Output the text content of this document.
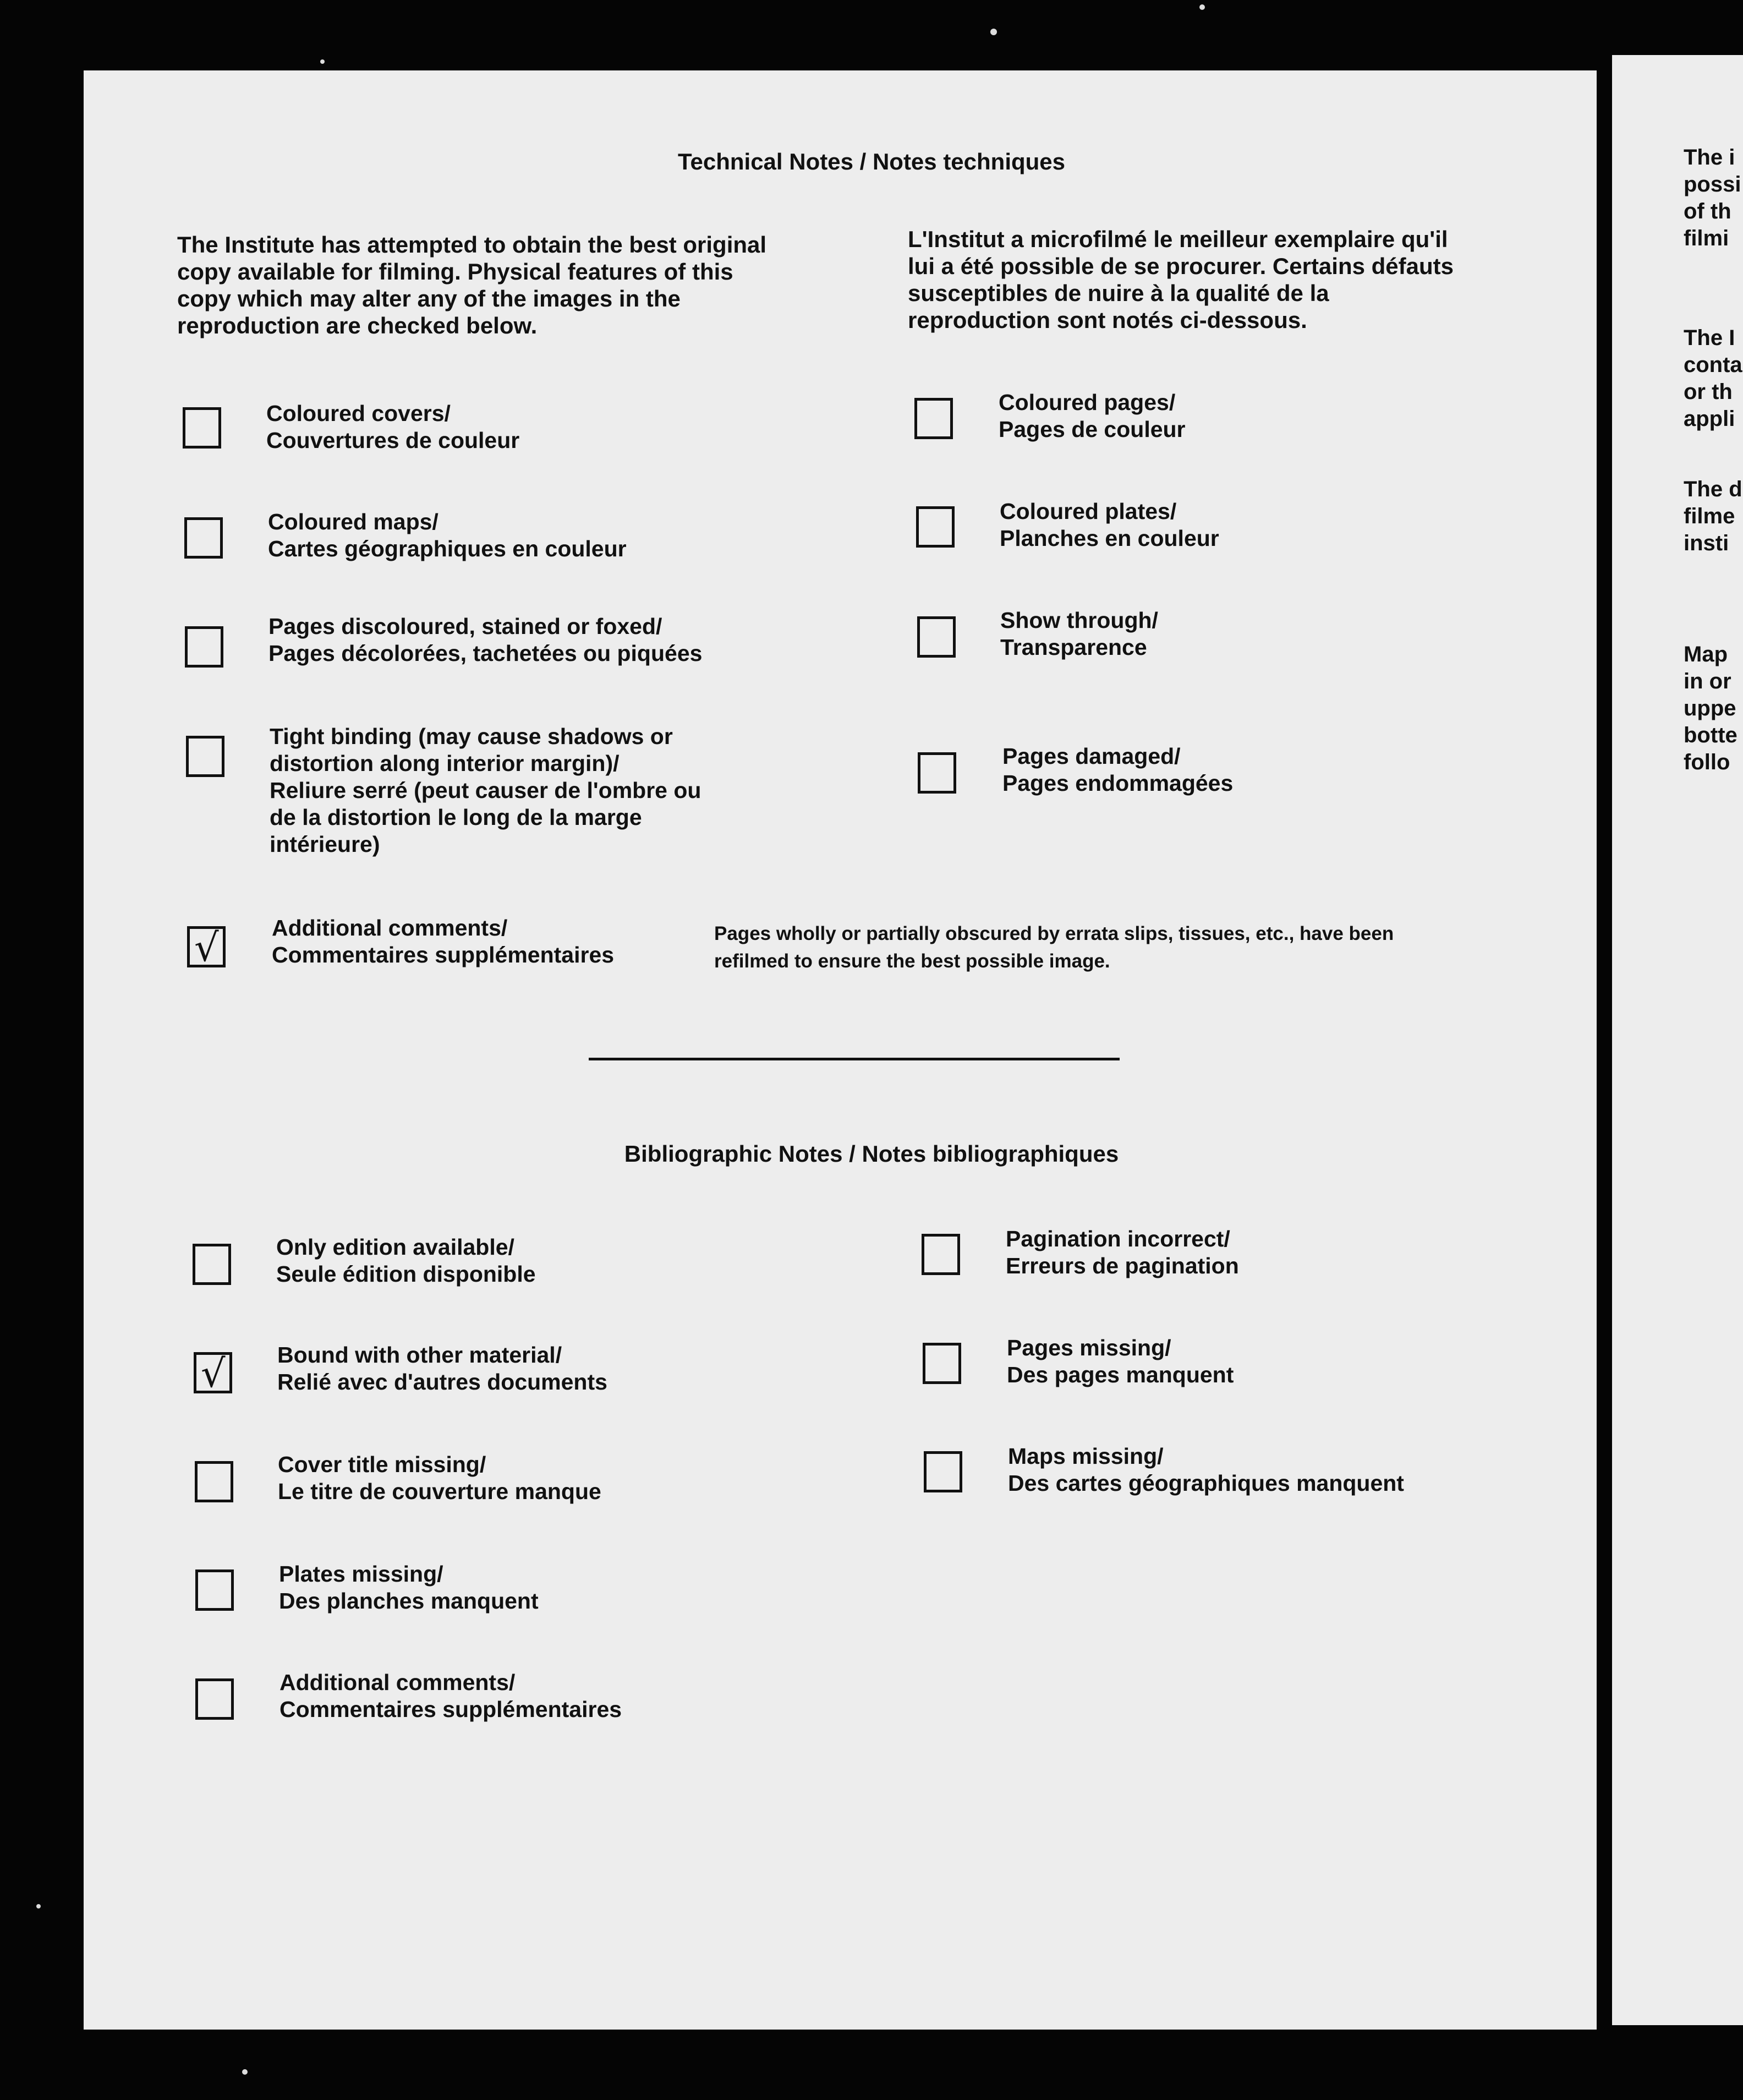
The i

possi

of th

filmi

The I

conta

or th

appli

The d

filme

insti

Map

in or

uppe

botte

follo

Technical Notes / Notes techniques

The Institute has attempted to obtain the best original copy available for filming. Physical features of this copy which may alter any of the images in the reproduction are checked below.

L'Institut a microfilmé le meilleur exemplaire qu'il lui a été possible de se procurer. Certains défauts susceptibles de nuire à la qualité de la reproduction sont notés ci-dessous.

Coloured covers/
Couvertures de couleur
Coloured maps/
Cartes géographiques en couleur
Pages discoloured, stained or foxed/
Pages décolorées, tachetées ou piquées
Tight binding (may cause shadows or
distortion along interior margin)/
Reliure serré (peut causer de l'ombre ou
de la distortion le long de la marge
intérieure)
√ Additional comments/
Commentaires supplémentaires
Pages wholly or partially obscured by errata slips, tissues, etc., have been refilmed to ensure the best possible image.
Coloured pages/
Pages de couleur
Coloured plates/
Planches en couleur
Show through/
Transparence
Pages damaged/
Pages endommagées
Bibliographic Notes / Notes bibliographiques
Only edition available/
Seule édition disponible
√ Bound with other material/
Relié avec d'autres documents
Cover title missing/
Le titre de couverture manque
Plates missing/
Des planches manquent
Additional comments/
Commentaires supplémentaires
Pagination incorrect/
Erreurs de pagination
Pages missing/
Des pages manquent
Maps missing/
Des cartes géographiques manquent
